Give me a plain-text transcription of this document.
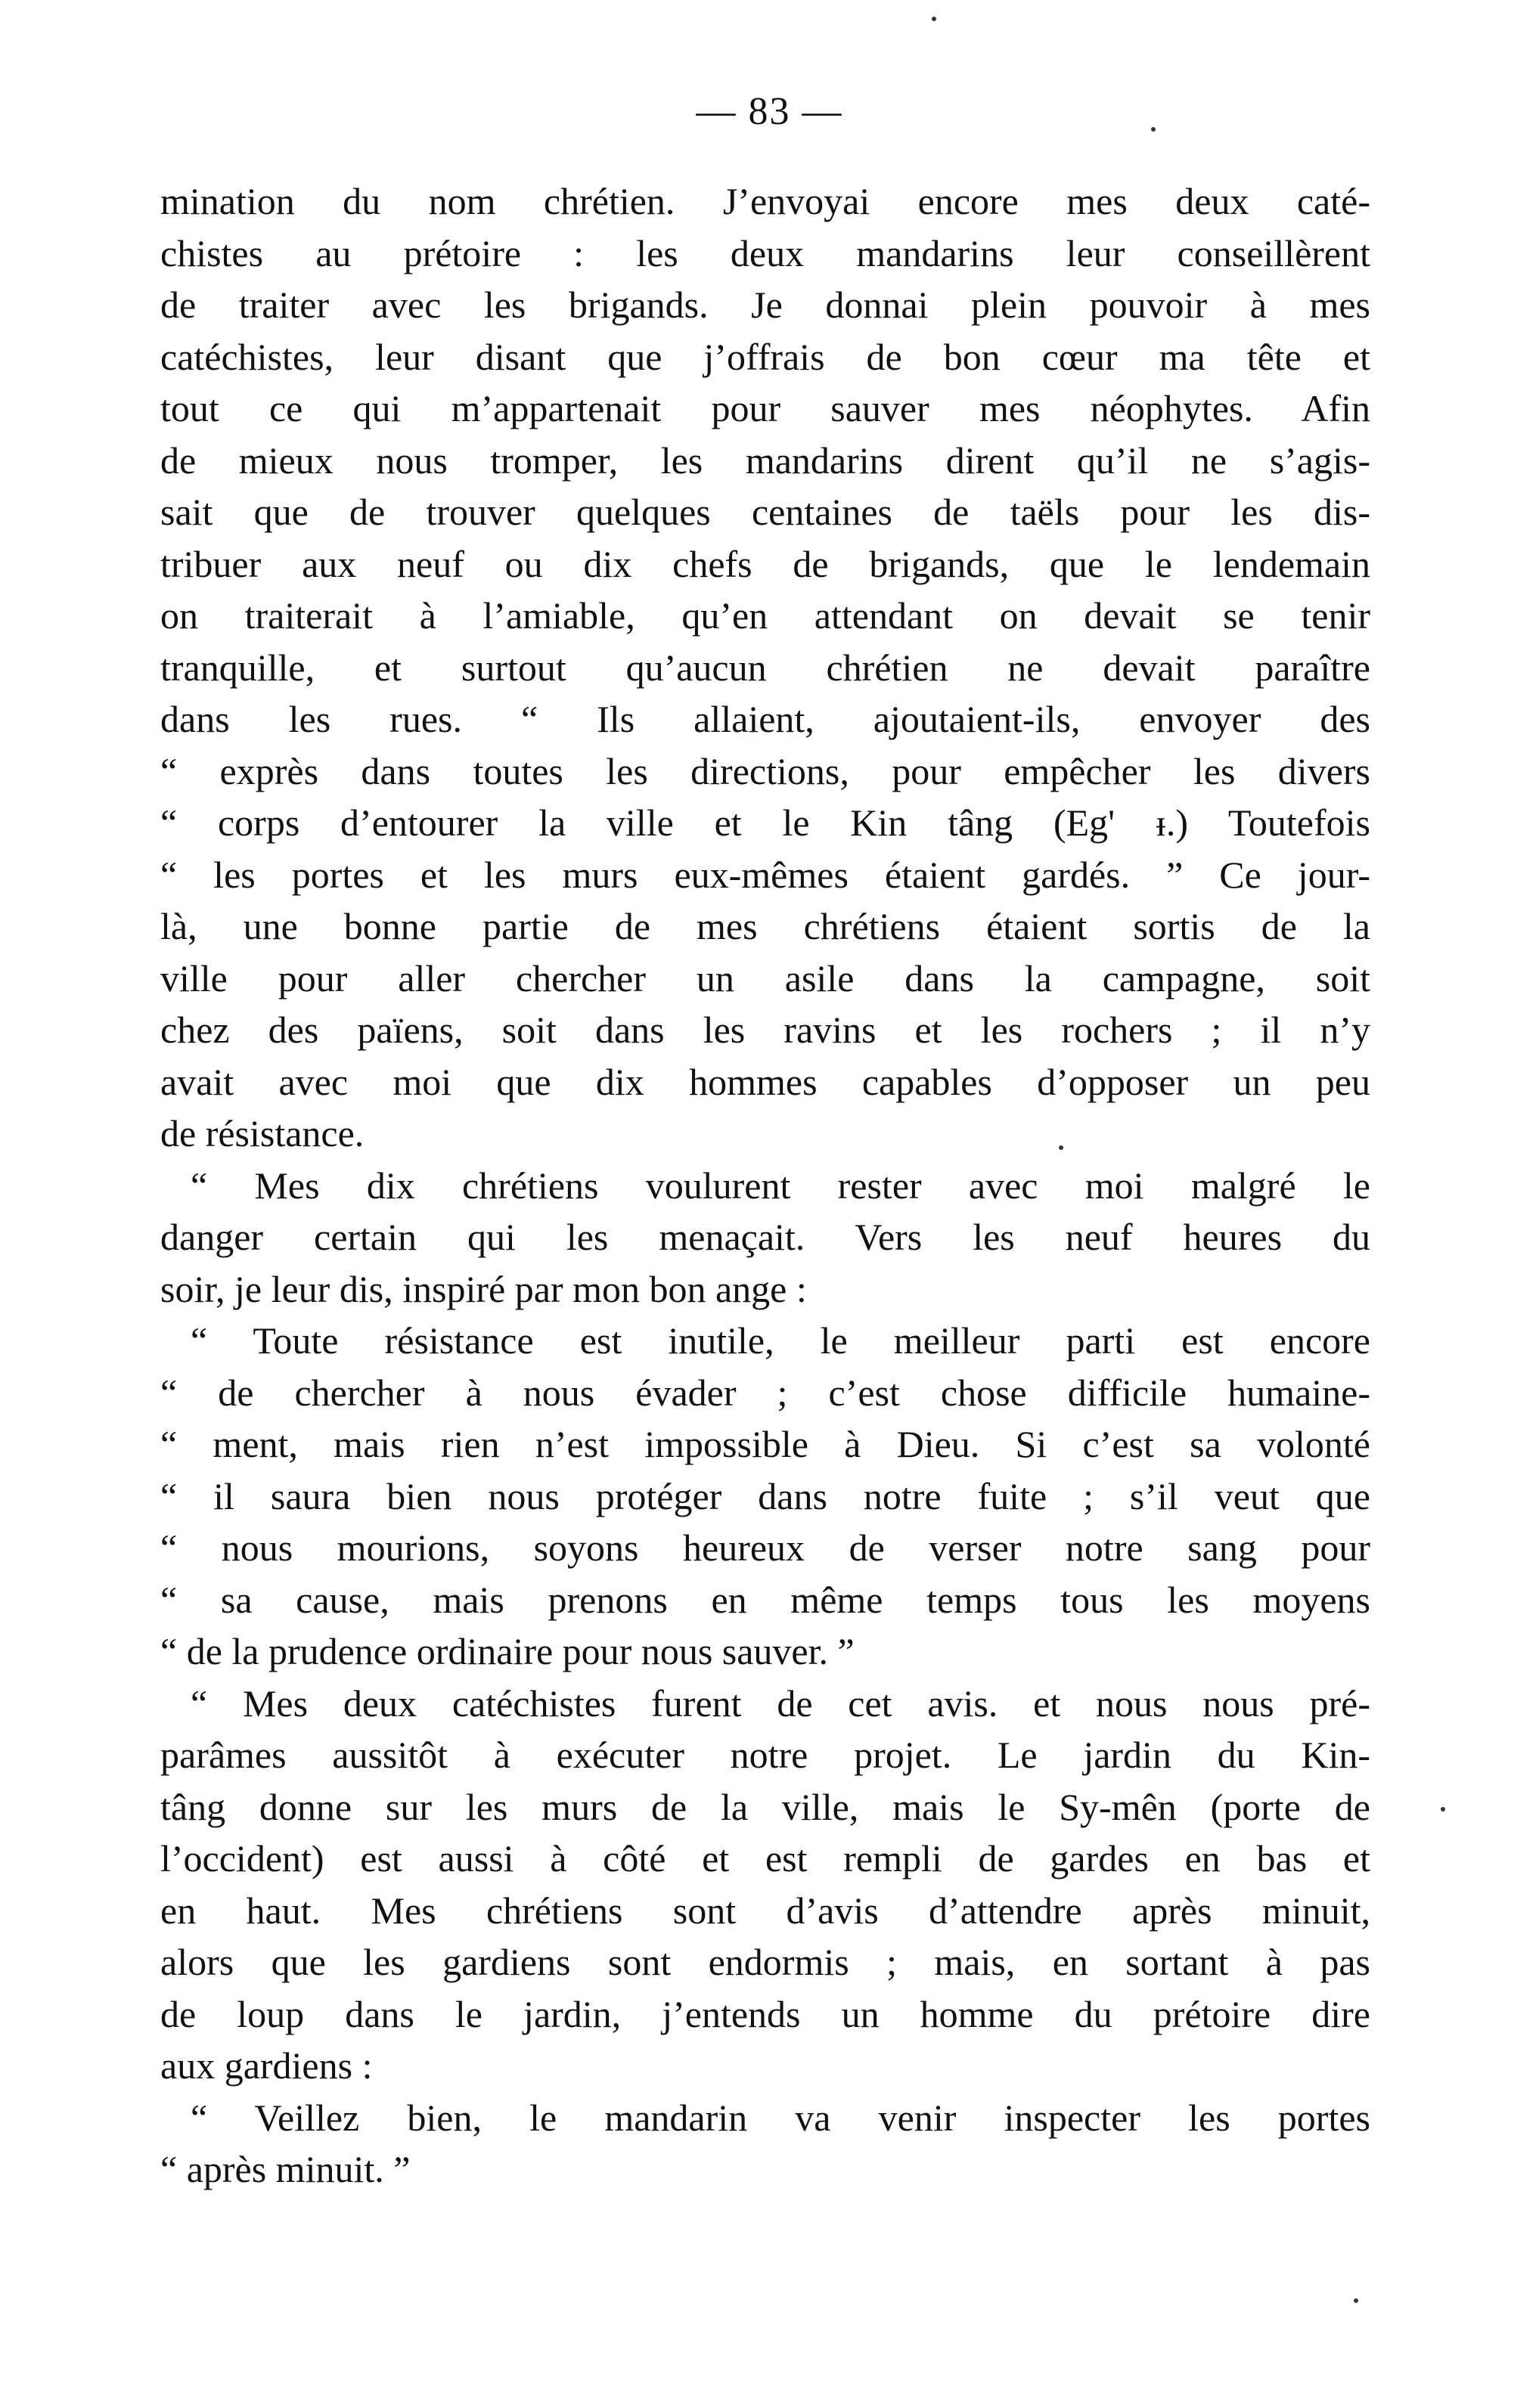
— 83 —
mination du nom chrétien. J’envoyai encore mes deux caté-
chistes au prétoire : les deux mandarins leur conseillèrent
de traiter avec les brigands. Je donnai plein pouvoir à mes
catéchistes, leur disant que j’offrais de bon cœur ma tête et
tout ce qui m’appartenait pour sauver mes néophytes. Afin
de mieux nous tromper, les mandarins dirent qu’il ne s’agis-
sait que de trouver quelques centaines de taëls pour les dis-
tribuer aux neuf ou dix chefs de brigands, que le lendemain
on traiterait à l’amiable, qu’en attendant on devait se tenir
tranquille, et surtout qu’aucun chrétien ne devait paraître
dans les rues. “ Ils allaient, ajoutaient-ils, envoyer des
“ exprès dans toutes les directions, pour empêcher les divers
“ corps d’entourer la ville et le Kin tâng (Eg' ᵻ.) Toutefois
“ les portes et les murs eux-mêmes étaient gardés. ” Ce jour-
là, une bonne partie de mes chrétiens étaient sortis de la
ville pour aller chercher un asile dans la campagne, soit
chez des païens, soit dans les ravins et les rochers ; il n’y
avait avec moi que dix hommes capables d’opposer un peu
de résistance.
“ Mes dix chrétiens voulurent rester avec moi malgré le
danger certain qui les menaçait. Vers les neuf heures du
soir, je leur dis, inspiré par mon bon ange :
“ Toute résistance est inutile, le meilleur parti est encore
“ de chercher à nous évader ; c’est chose difficile humaine-
“ ment, mais rien n’est impossible à Dieu. Si c’est sa volonté
“ il saura bien nous protéger dans notre fuite ; s’il veut que
“ nous mourions, soyons heureux de verser notre sang pour
“ sa cause, mais prenons en même temps tous les moyens
“ de la prudence ordinaire pour nous sauver. ”
“ Mes deux catéchistes furent de cet avis. et nous nous pré-
parâmes aussitôt à exécuter notre projet. Le jardin du Kin-
tâng donne sur les murs de la ville, mais le Sy-mên (porte de
l’occident) est aussi à côté et est rempli de gardes en bas et
en haut. Mes chrétiens sont d’avis d’attendre après minuit,
alors que les gardiens sont endormis ; mais, en sortant à pas
de loup dans le jardin, j’entends un homme du prétoire dire
aux gardiens :
“ Veillez bien, le mandarin va venir inspecter les portes
“ après minuit. ”
